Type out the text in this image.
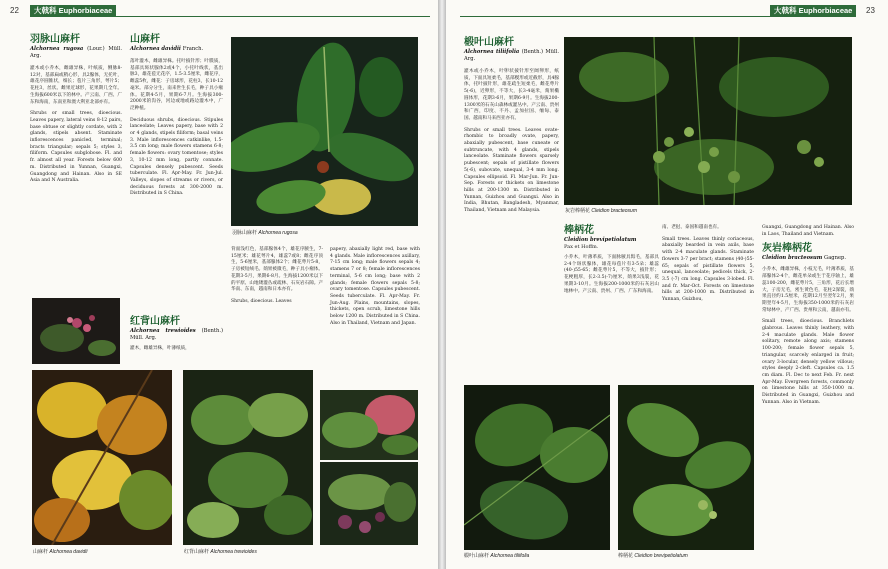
22	大戟科 Euphorbiaceae
羽脉山麻杆
Alchornea rugosa (Lour.) Müll. Arg.

灌木或小乔木，雌雄异株，叶纸质，侧脉8-12对，基部扁或稍心形，具2腺体，无托叶，雄花序圆锥状，细长；苞片三角形，萼片5；花柱3，丝状。雌果近球形，花果期几全年。生海拔600米以下的林中。产云南、广西、广东和海南，东南亚和澳大利亚北部亦有。

Shrubs or small trees, dioecious. Leaves papery, lateral veins 8-12 pairs, base obtuse or slightly cordate, with 2 glands, stipels absent. Staminate inflorescences panicled, terminal; bracts triangular; sepals 5; styles 3, filiform. Capsules subglobose. Fl. and fr. almost all year. Forests below 600 m. Distributed in Yunnan, Guangxi, Guangdong and Hainan. Also in SE Asia and N Australia.

山麻杆
Alchornea davidii Franch.

落叶灌木，雌雄异株。托叶披针形；叶膜质，基部具斑状腺体2或4个，小托叶线状，基出脉3，雄花苞无花序，1.5-3.5厘米，雌花序，雌蕊5枚，雌花：子房球形，花柱3，长10-12毫米。部分分生，南来世生长毛，种子具小瘤体。花期4-5月，果期6-7月。生海拔300-2000米的沟谷，河边或地或路边灌木中，广泛种植。

Deciduous shrubs, dioecious. Stipules lanceolate; Leaves papery, base with 2 or 4 glands, stipels filiform; basal veins 3. Male inflorescences catkinlike, 1.5-3.5 cm long; male flowers stamens 6-8; female flowers: ovary tomentose; styles 3, 10-12 mm long, partly connate. Capsules densely pubescent. Seeds tuberculate. Fl. Apr-May. Fr. Jun-Jul. Valleys, slopes of streams or rivers, or deciduous forests at 300-2000 m. Distributed in S China.

羽脉山麻杆 Alchornea rugosa

背面浅红色，基部腺体4个，雄花序腋生，7-15厘米；雄花萼片4，雄蕊7或8；雌花序顶生，5-6厘米，基部腺体2个；雌花萼片5-8，子房被短绒毛。蒴果被微毛，种子具小瘤体。花期3-5月，果期6-8月。生海拔1200米以下的平原、山地矮灌丛或疏林、石灰岩石隙。产华南、东南，越南和日本亦有。

Shrubs, dioecious. Leaves

papery, abaxially light red, base with 4 glands. Male inflorescences axillary, 7-15 cm long; male flowers sepals 4; stamens 7 or 8; female inflorescences terminal, 5-6 cm long; base with 2 glands; female flowers sepals 5-8; ovary tomentose. Capsules pubescent. Seeds tuberculate. Fl. Apr-May. Fr. Jun-Aug. Plains, mountains, slopes, thickets, open scrub, limestone hills below 1200 m. Distributed in S China. Also in Thailand, Vietnam and Japan.

红背山麻杆
Alchornea trewioides (Benth.) Müll. Arg.

灌木，雌雄异株，叶薄纸质，

山麻杆 Alchornea davidii	红背山麻杆 Alchornea trewioides
23
大戟科 Euphorbiaceae
椴叶山麻杆
Alchornea tiliifolia (Benth.) Müll. Arg.

灌木或小乔木，叶卵状披针形至阔卵形，纸质，下面具短柔毛，基部楔形或近截形，具4腺体，托叶披针形，雄花疏生短柔毛，雌花萼片5(-6)，近卵形，不等大，长3-4毫米，蒴果椭圆体形，花期3-6月，果期6-9月。生海拔200-1300米的石灰山森林或灌丛中。产云南、贵州和广西，印度、不丹、孟加拉国、缅甸、泰国、越南和马来西亚亦有。

Shrubs or small trees. Leaves ovate-rhombic to broadly ovate, papery, abaxially pubescent, base cuneate or subtruncate, with 4 glands, stipels lanceolate. Staminate flowers sparsely pubescent; sepals of pistillate flowers 5(-6), subovate, unequal, 3-4 mm long. Capsules ellipsoid. Fl. Mar-Jun. Fr. Jun-Sep. Forests or thickets on limestone hills at 200-1300 m. Distributed in Yunnan, Guizhou and Guangxi. Also in India, Bhutan, Bangladesh, Myanmar, Thailand, Vietnam and Malaysia.	灰岩棒柄花 Cleidion bracteosum
棒柄花
Cleidion brevipetiolatum
Pax et Hoffm.

小乔木，叶薄革质，下面脉腋具髯毛，基部具2-4个斑状腺体，雄花每苞片有3-5朵；雄蕊(40-)55-65；雌花萼片5，不等大，披针形；花梗粗厚，长2-3.5(-7)厘米，蒴果3浅裂，花果期3-10月。生海拔200-1000米的石灰岩山地林中。产云南、贵州、广西、广东和海南。

南、老挝、泰国和越南也有。

Small trees. Leaves thinly coriaceous, abaxially bearded in vein axils, base with 2-4 maculate glands. Staminate flowers 3-7 per bract; stamens (40-)55-65; sepals of pistillate flowers 5, unequal, lanceolate; pedicels thick, 2-3.5 (-7) cm long. Capsules 3-lobed. Fl. and fr. Mar-Oct. Forests on limestone hills at 200-1000 m. Distributed in Yunnan, Guizhou,

Guangxi, Guangdong and Hainan. Also in Laos, Thailand and Vietnam.

灰岩棒柄花
Cleidion bracteosum Gagnep.

小乔木，雌雄异株，小枝无毛，叶薄革质，基部腺体2-4个，雌花单朵或生于花序轴上，雄蕊100-200，雌花萼片5，三角形，花后长增大，子房无毛，密生黄色毛，花柱2深裂，蒴果直径约1.5厘米，花期12月至翌年2月，果期翌年4-5月，生海拔350-1000米的石灰岩常绿林中，产广西、贵州和云南，越南亦有。

Small trees, dioecious. Branchlets glabrous. Leaves thinly leathery, with 2-4 maculate glands. Male flower solitary, remote along axis; stamens 100-200; female flower sepals 5, triangular, scarcely enlarged in fruit; ovary 3-locular, densely yellow villous; styles deeply 2-cleft. Capsules ca. 1.5 cm diam. Fl. Dec to next Feb. Fr. next Apr-May. Evergreen forests, commonly on limestone hills at 350-1000 m. Distributed in Guangxi, Guizhou and Yunnan. Also in Vietnam.

椴叶山麻杆 Alchornea tiliifolia	棒柄花 Cleidion brevipetiolatum
